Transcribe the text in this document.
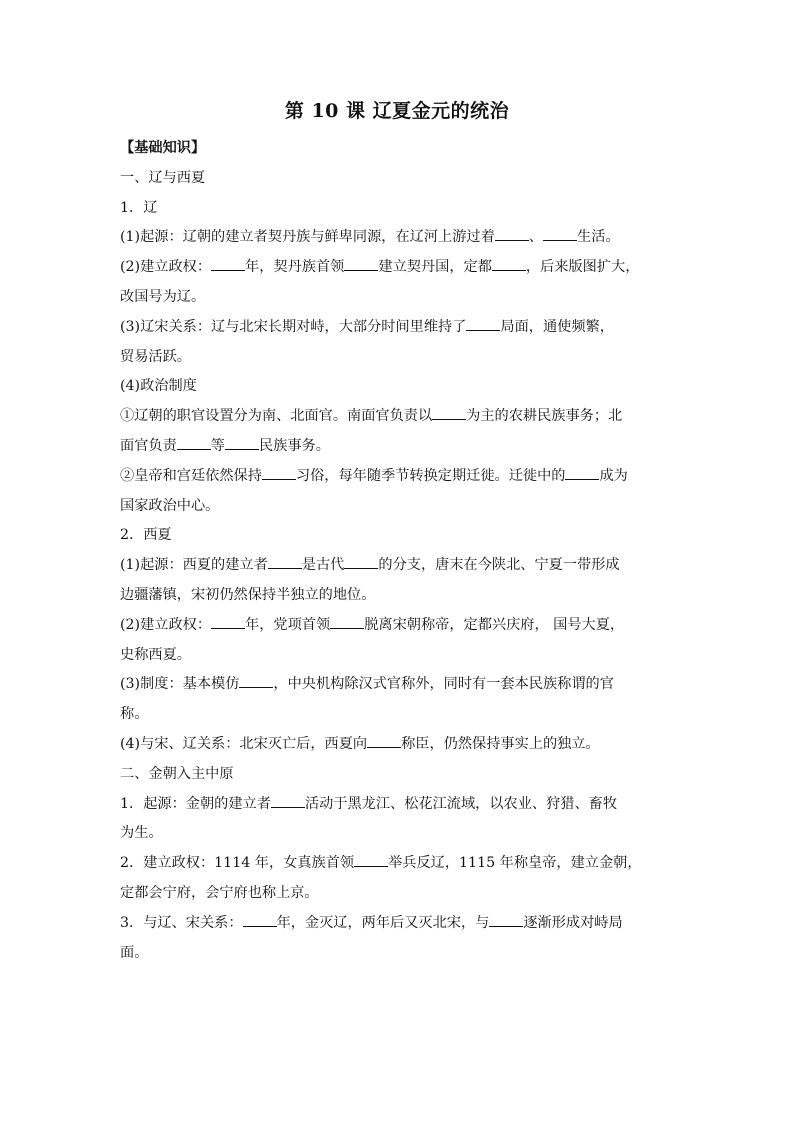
第 10 课 辽夏金元的统治

【基础知识】

一、辽与西夏

1．辽

(1)起源：辽朝的建立者契丹族与鲜卑同源，在辽河上游过着 、 生活。

(2)建立政权： 年，契丹族首领 建立契丹国，定都 ，后来版图扩大，

改国号为辽。

(3)辽宋关系：辽与北宋长期对峙，大部分时间里维持了 局面，通使频繁，

贸易活跃。

(4)政治制度

①辽朝的职官设置分为南、北面官。南面官负责以 为主的农耕民族事务；北

面官负责 等 民族事务。

②皇帝和宫廷依然保持 习俗，每年随季节转换定期迁徙。迁徙中的 成为

国家政治中心。

2．西夏

(1)起源：西夏的建立者 是古代 的分支，唐末在今陕北、宁夏一带形成

边疆藩镇，宋初仍然保持半独立的地位。

(2)建立政权： 年，党项首领 脱离宋朝称帝，定都兴庆府， 国号大夏，

史称西夏。

(3)制度：基本模仿 ，中央机构除汉式官称外，同时有一套本民族称谓的官

称。

(4)与宋、辽关系：北宋灭亡后，西夏向 称臣，仍然保持事实上的独立。

二、金朝入主中原

1．起源：金朝的建立者 活动于黑龙江、松花江流域，以农业、狩猎、畜牧

为生。

2．建立政权：1114 年，女真族首领 举兵反辽，1115 年称皇帝，建立金朝，

定都会宁府，会宁府也称上京。

3．与辽、宋关系： 年，金灭辽，两年后又灭北宋，与 逐渐形成对峙局

面。
